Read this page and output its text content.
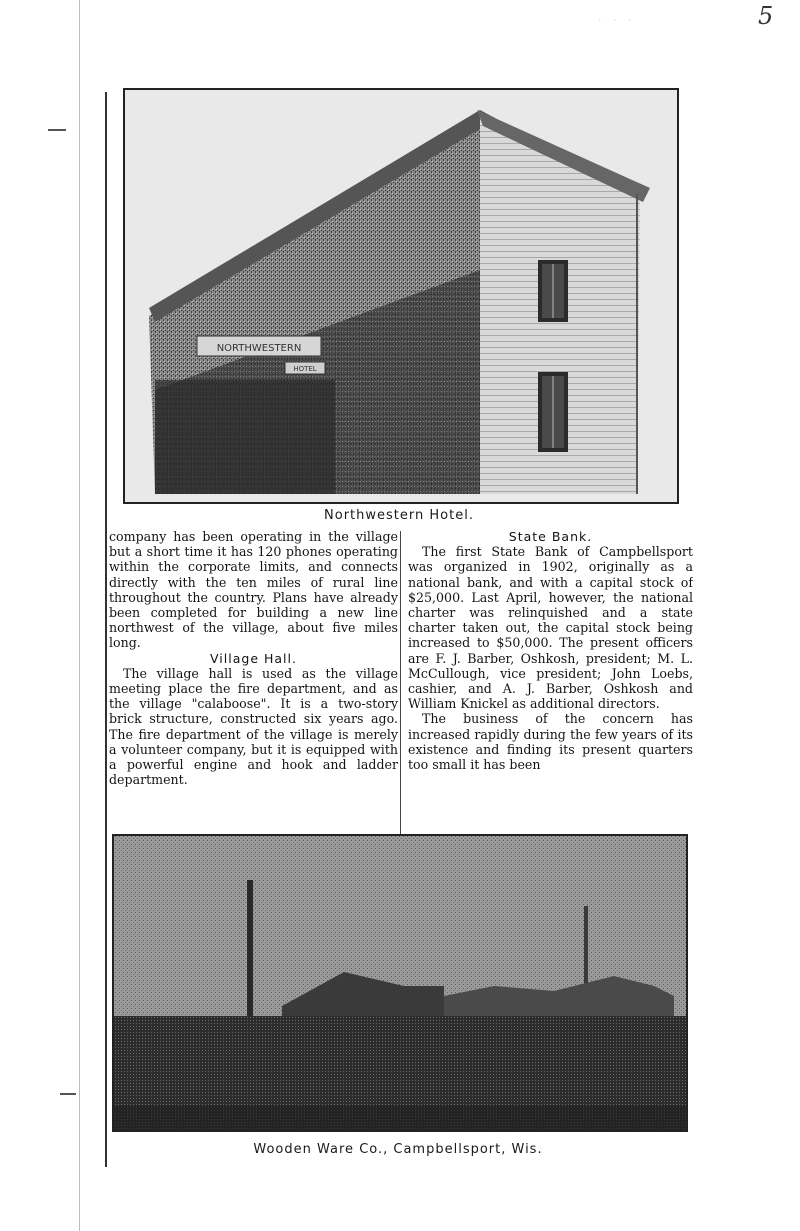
5
· · ·
NORTHWESTERN
HOTEL
Northwestern Hotel.

company has been operating in the village but a short time it has 120 phones operating within the corporate limits, and connects directly with the ten miles of rural line throughout the country. Plans have already been completed for building a new line northwest of the village, about five miles long.

Village Hall.

The village hall is used as the village meeting place the fire department, and as the village "calaboose". It is a two-story brick structure, constructed six years ago. The fire department of the village is merely a volunteer company, but it is equipped with a powerful engine and hook and ladder department.

State Bank.

The first State Bank of Campbellsport was organized in 1902, originally as a national bank, and with a capital stock of $25,000. Last April, however, the national charter was relinquished and a state charter taken out, the capital stock being increased to $50,000. The present officers are F. J. Barber, Oshkosh, president; M. L. McCullough, vice president; John Loebs, cashier, and A. J. Barber, Oshkosh and William Knickel as additional directors.

The business of the concern has increased rapidly during the few years of its existence and finding its present quarters too small it has been

Wooden Ware Co., Campbellsport, Wis.
